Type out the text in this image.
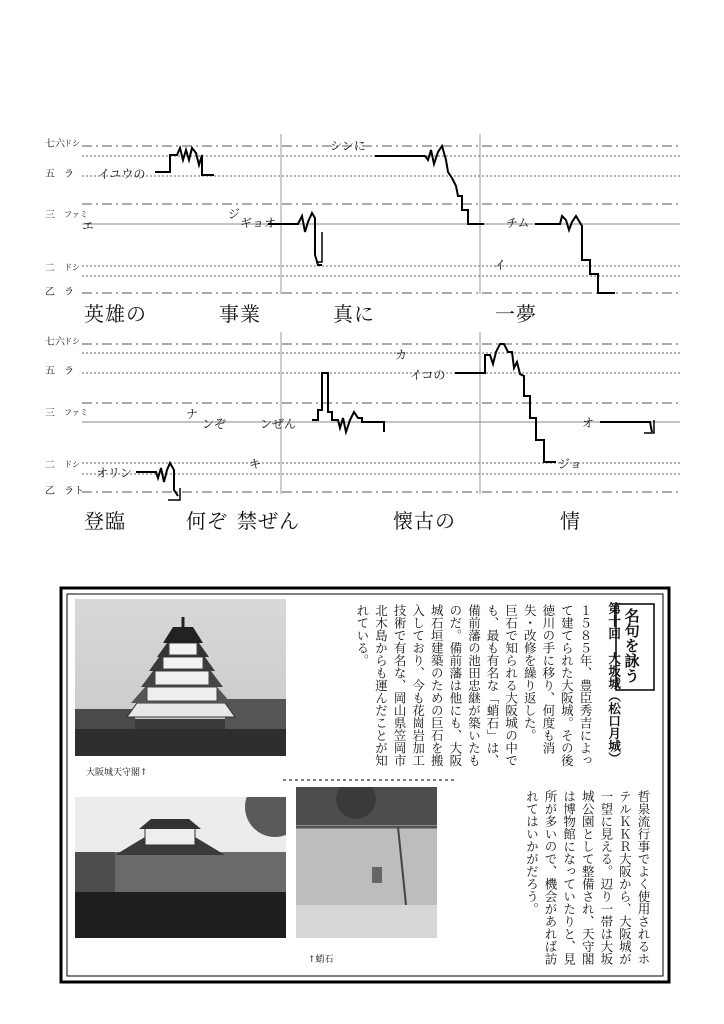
七六 ドシ
五 ラ
三 ファミ
二 ドシ
乙 ラ
イユウの
シンに
ジ
ギョオ	チム
エ
イ
英雄の	事業	真に	一夢
七六 ドシ
五 ラ
三 ファミ
二 ドシ
乙 ラト
カ
イコの
ナ
ンぞ	ンぜん	オ
キ
オリン
ジョ
登臨	何ぞ 禁ぜん	懐古の	情
名句を詠う
第十回　大坂城（松口月城）
１５８５年、豊臣秀吉によって建てられた大阪城。その後徳川の手に移り、何度も消失・改修を繰り返した。
巨石で知られる大阪城の中でも、最も有名な「蛸石」は、備前藩の池田忠継が築いたものだ。備前藩は他にも、大阪城石垣建築のための巨石を搬入しており、今も花崗岩加工技術で有名な、岡山県笠岡市北木島からも運んだことが知れている。
哲泉流行事でよく使用されるホテルＫＫＲ大阪から、大阪城が一望に見える。辺り一帯は大坂城公園として整備され、天守閣は博物館になっていたりと、見所が多いので、機会があれば訪れてはいかがだろう。
大阪城天守閣↑
↑蛸石
